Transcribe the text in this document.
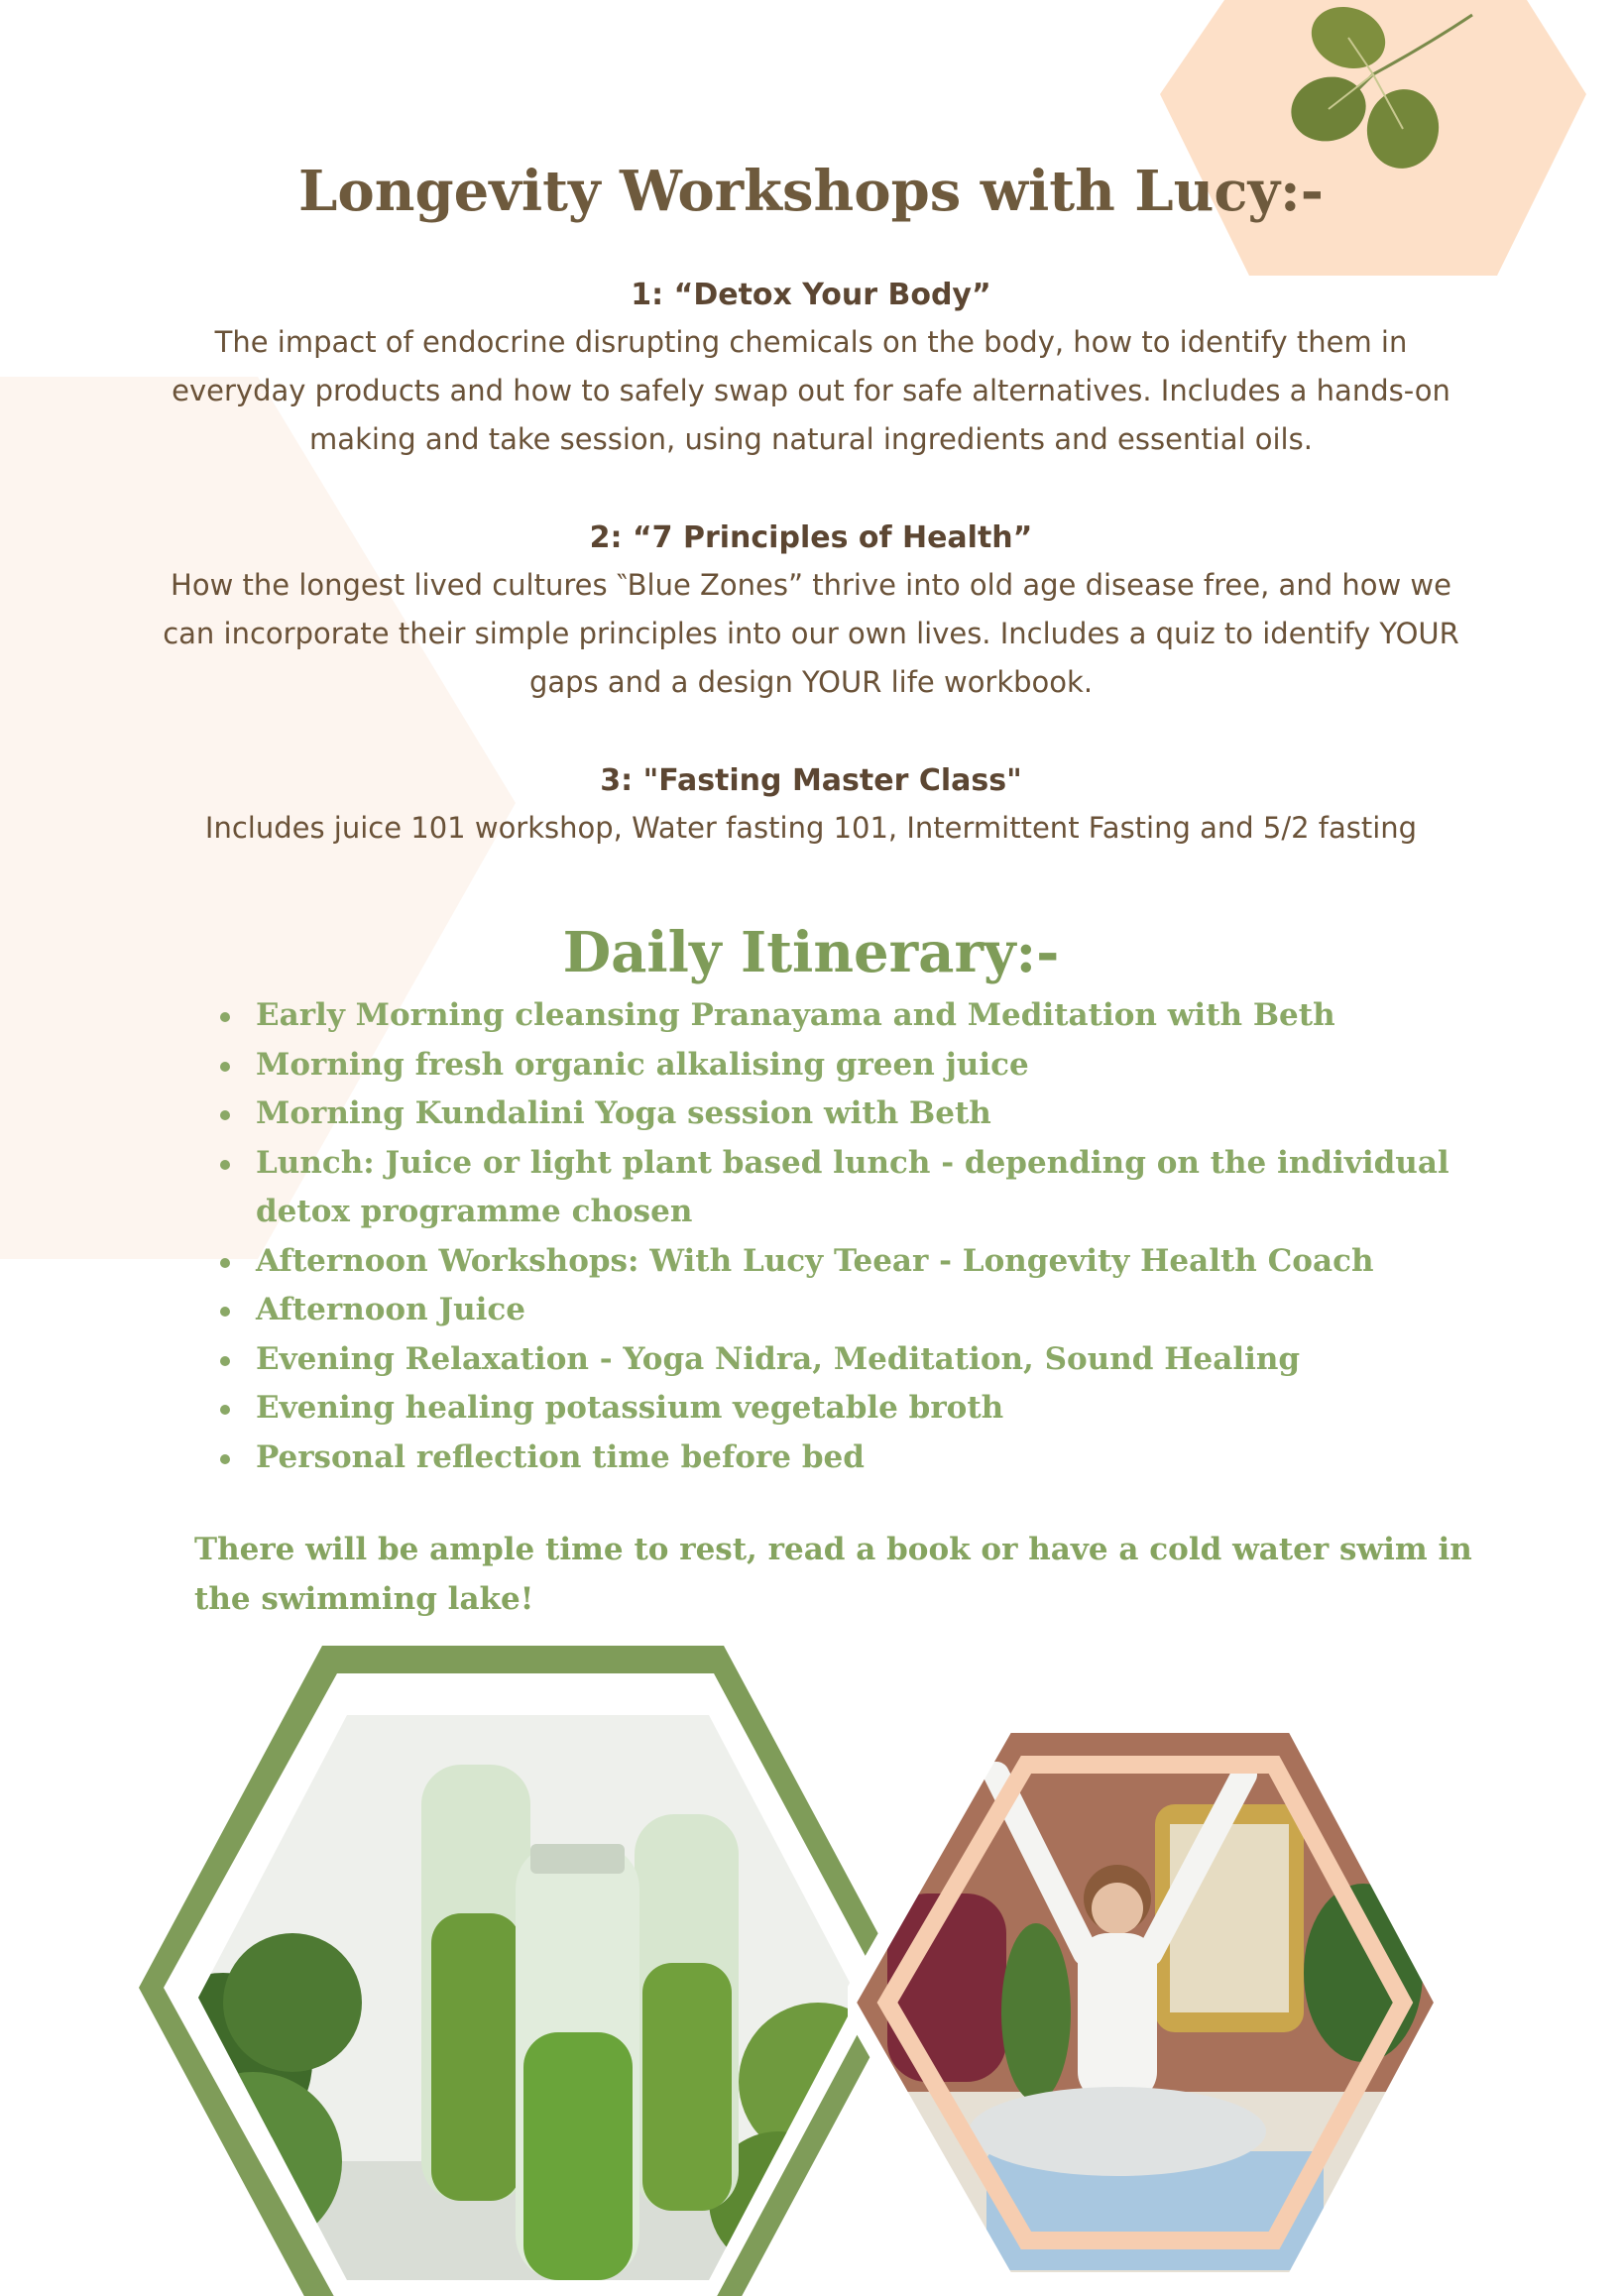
Longevity Workshops with Lucy:-
1: “Detox Your Body”
The impact of endocrine disrupting chemicals on the body, how to identify them in
everyday products and how to safely swap out for safe alternatives. Includes a hands-on
making and take session, using natural ingredients and essential oils.
2: “7 Principles of Health”
How the longest lived cultures ‶Blue Zones” thrive into old age disease free, and how we
can incorporate their simple principles into our own lives. Includes a quiz to identify YOUR
gaps and a design YOUR life workbook.
3: "Fasting Master Class"
Includes juice 101 workshop, Water fasting 101, Intermittent Fasting and 5/2 fasting
Daily Itinerary:-
Early Morning cleansing Pranayama and Meditation with Beth
Morning fresh organic alkalising green juice
Morning Kundalini Yoga session with Beth
Lunch: Juice or light plant based lunch - depending on the individual detox programme chosen
Afternoon Workshops: With Lucy Teear - Longevity Health Coach
Afternoon Juice
Evening Relaxation - Yoga Nidra, Meditation, Sound Healing
Evening healing potassium vegetable broth
Personal reflection time before bed

There will be ample time to rest, read a book or have a cold water swim in the swimming lake!
